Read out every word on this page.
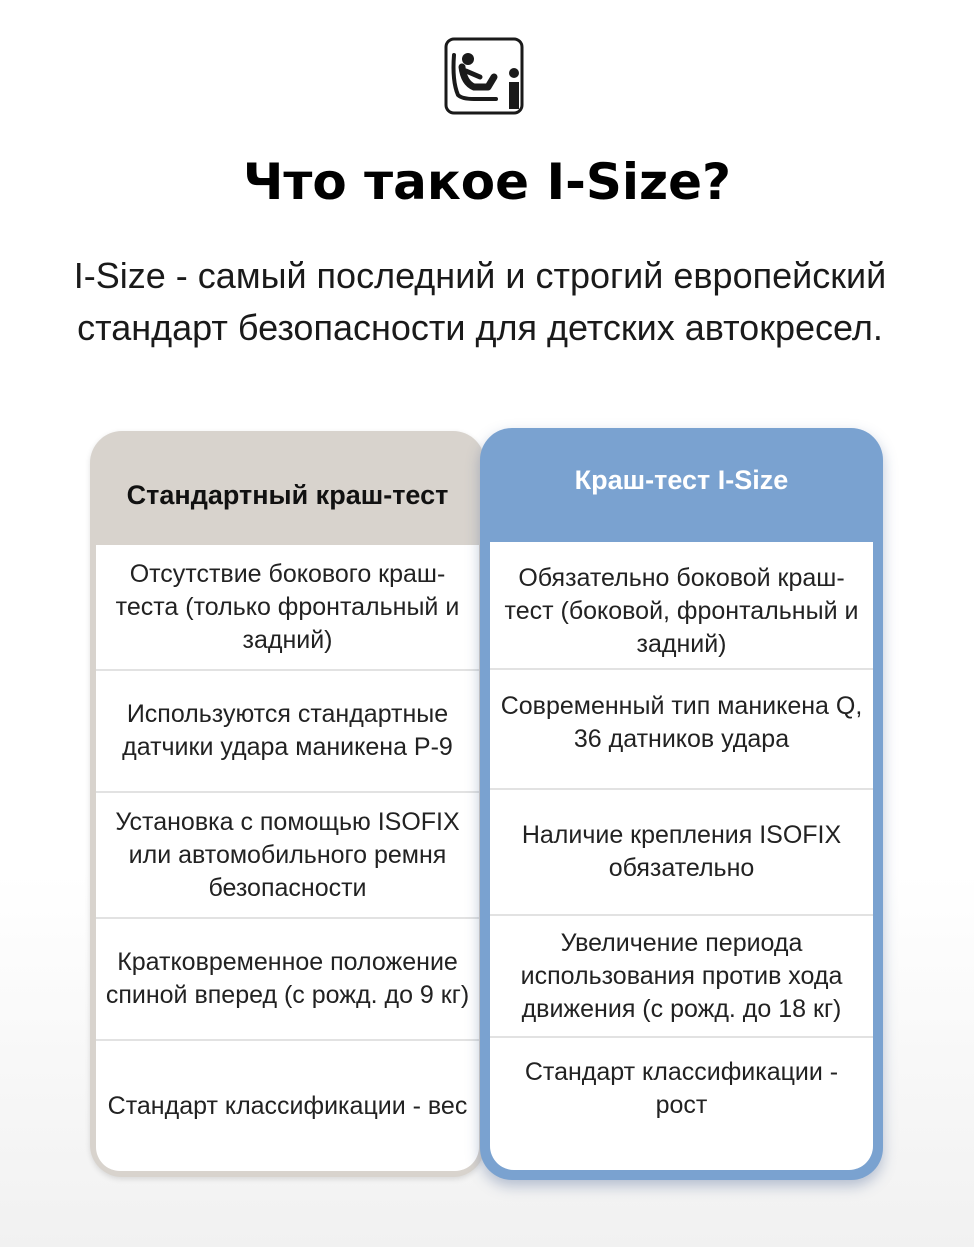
Что такое I-Size?
I-Size - самый последний и строгий европейский стандарт безопасности для детских автокресел.
Стандартный краш-тест
Отсутствие бокового краш-теста (только фронтальный и задний)
Используются стандартные датчики удара маникена Р-9
Установка с помощью ISOFIX или автомобильного ремня безопасности
Кратковременное положение спиной вперед (с рожд. до 9 кг)
Стандарт классификации - вес
Краш-тест I-Size
Обязательно боковой краш-тест (боковой, фронтальный и задний)
Современный тип маникена Q, 36 датников удара
Наличие крепления ISOFIX обязательно
Увеличение периода использования против хода движения (с рожд. до 18 кг)
Стандарт классификации - рост
